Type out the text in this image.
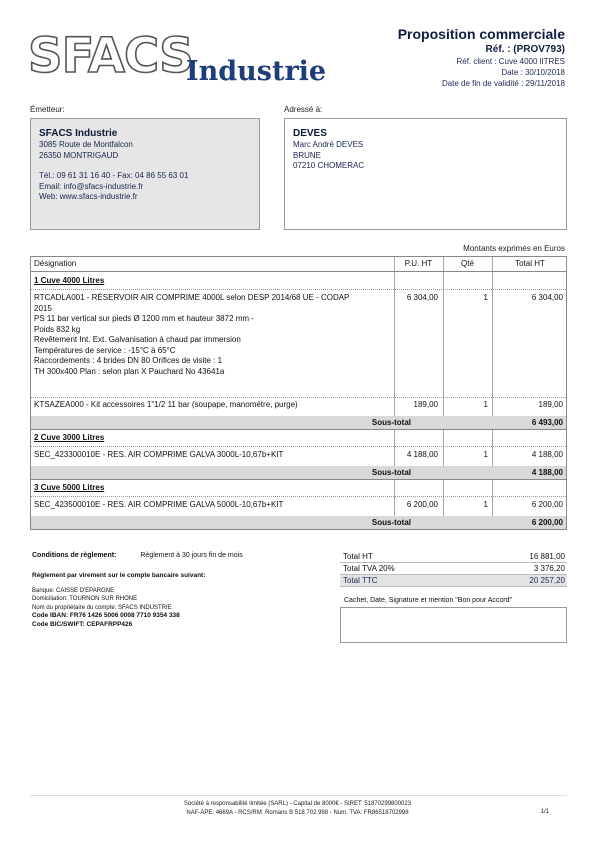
SFACS
Industrie
Proposition commerciale
Réf. : (PROV793)
Réf. client : Cuve 4000 lITRES
Date : 30/10/2018
Date de fin de validité : 29/11/2018
Émetteur:	Adressé à:
SFACS Industrie
3085 Route de Montfalcon
26350 MONTRIGAUD
Tél.: 09 61 31 16 40 - Fax: 04 86 55 63 01
Email: info@sfacs-industrie.fr
Web: www.sfacs-industrie.fr
DEVES
Marc André DEVES
BRUNE
07210 CHOMERAC
Montants exprimés en Euros
Désignation	P.U. HT	Qté	Total HT
1 Cuve 4000 Litres
RTCADLA001 - RÉSERVOIR AIR COMPRIME 4000L selon DESP 2014/68 UE - CODAP
2015
PS 11 bar vertical sur pieds Ø 1200 mm et hauteur 3872 mm -
Poids 832 kg
Revêtement Int. Ext. Galvanisation à chaud par immersion
Températures de service : -15°C à 65°C
Raccordements : 4 brides DN 80 Orifices de visite : 1
TH 300x400 Plan : selon plan X Pauchard No 43641a
6 304,00	1	6 304,00
KTSAZEA000 - Kit accessoires 1"1/2 11 bar (soupape, manométre, purge)	189,00	1	189,00
Sous-total	6 493,00
2 Cuve 3000 Litres
SEC_423300010E - RES. AIR COMPRIME GALVA 3000L-10,67b+KIT	4 188,00	1	4 188,00
Sous-total	4 188,00
3 Cuve 5000 Litres
SEC_423500010E - RES. AIR COMPRIME GALVA 5000L-10,67b+KIT	6 200,00	1	6 200,00
Sous-total	6 200,00
Conditions de règlement:	Règlement à 30 jours fin de mois
Règlement par virement sur le compte bancaire suivant:
Banque: CAISSE D'EPARGNE
Domiciliation: TOURNON SUR RHONE
Nom du propriétaire du compte: SFACS INDUSTRIE
Code IBAN: FR76 1426 5006 0008 7710 9354 338
Code BIC/SWIFT: CEPAFRPP426
Total HT	16 881,00
Total TVA 20%	3 376,20
Total TTC	20 257,20
Cachet, Date, Signature et mention "Bon pour Accord"
Société à responsabilité limitée (SARL) - Capital de 8000€ - SIRET: 51870299800023
NAF-APE: 4669A - RCS/RM: Romans B 518 702 998 - Num. TVA: FR86518702998	1/1
